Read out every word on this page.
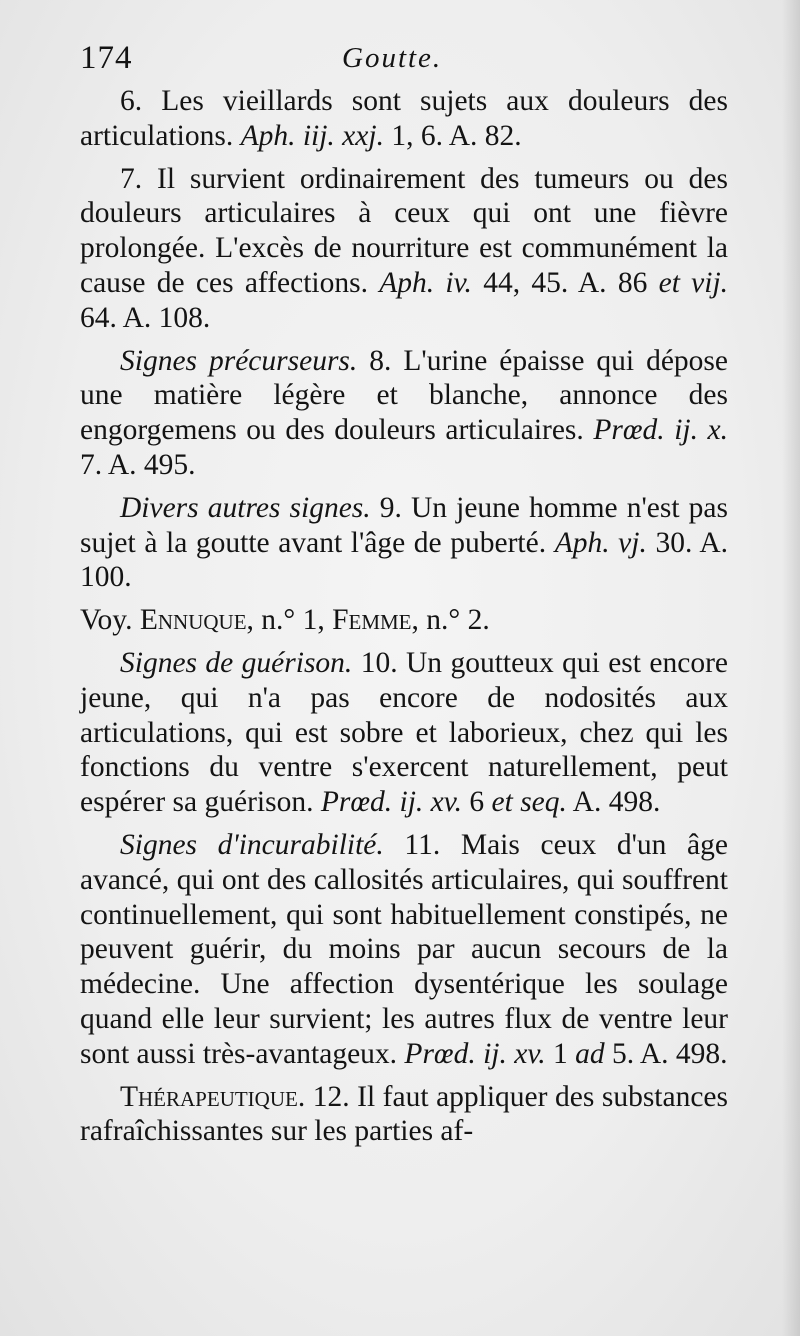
174	Goutte.

6. Les vieillards sont sujets aux douleurs des articulations. Aph. iij. xxj. 1, 6. A. 82.

7. Il survient ordinairement des tumeurs ou des douleurs articulaires à ceux qui ont une fièvre prolongée. L'excès de nourriture est communément la cause de ces affections. Aph. iv. 44, 45. A. 86 et vij. 64. A. 108.

Signes précurseurs. 8. L'urine épaisse qui dépose une matière légère et blanche, annonce des engorgemens ou des douleurs articulaires. Prœd. ij. x. 7. A. 495.

Divers autres signes. 9. Un jeune homme n'est pas sujet à la goutte avant l'âge de puberté. Aph. vj. 30. A. 100.

Voy. Ennuque, n.° 1, Femme, n.° 2.

Signes de guérison. 10. Un goutteux qui est encore jeune, qui n'a pas encore de nodosités aux articulations, qui est sobre et laborieux, chez qui les fonctions du ventre s'exercent naturellement, peut espérer sa guérison. Prœd. ij. xv. 6 et seq. A. 498.

Signes d'incurabilité. 11. Mais ceux d'un âge avancé, qui ont des callosités articulaires, qui souffrent continuellement, qui sont habituellement constipés, ne peuvent guérir, du moins par aucun secours de la médecine. Une affection dysentérique les soulage quand elle leur survient; les autres flux de ventre leur sont aussi très-avantageux. Prœd. ij. xv. 1 ad 5. A. 498.

Thérapeutique. 12. Il faut appliquer des substances rafraîchissantes sur les parties af-
